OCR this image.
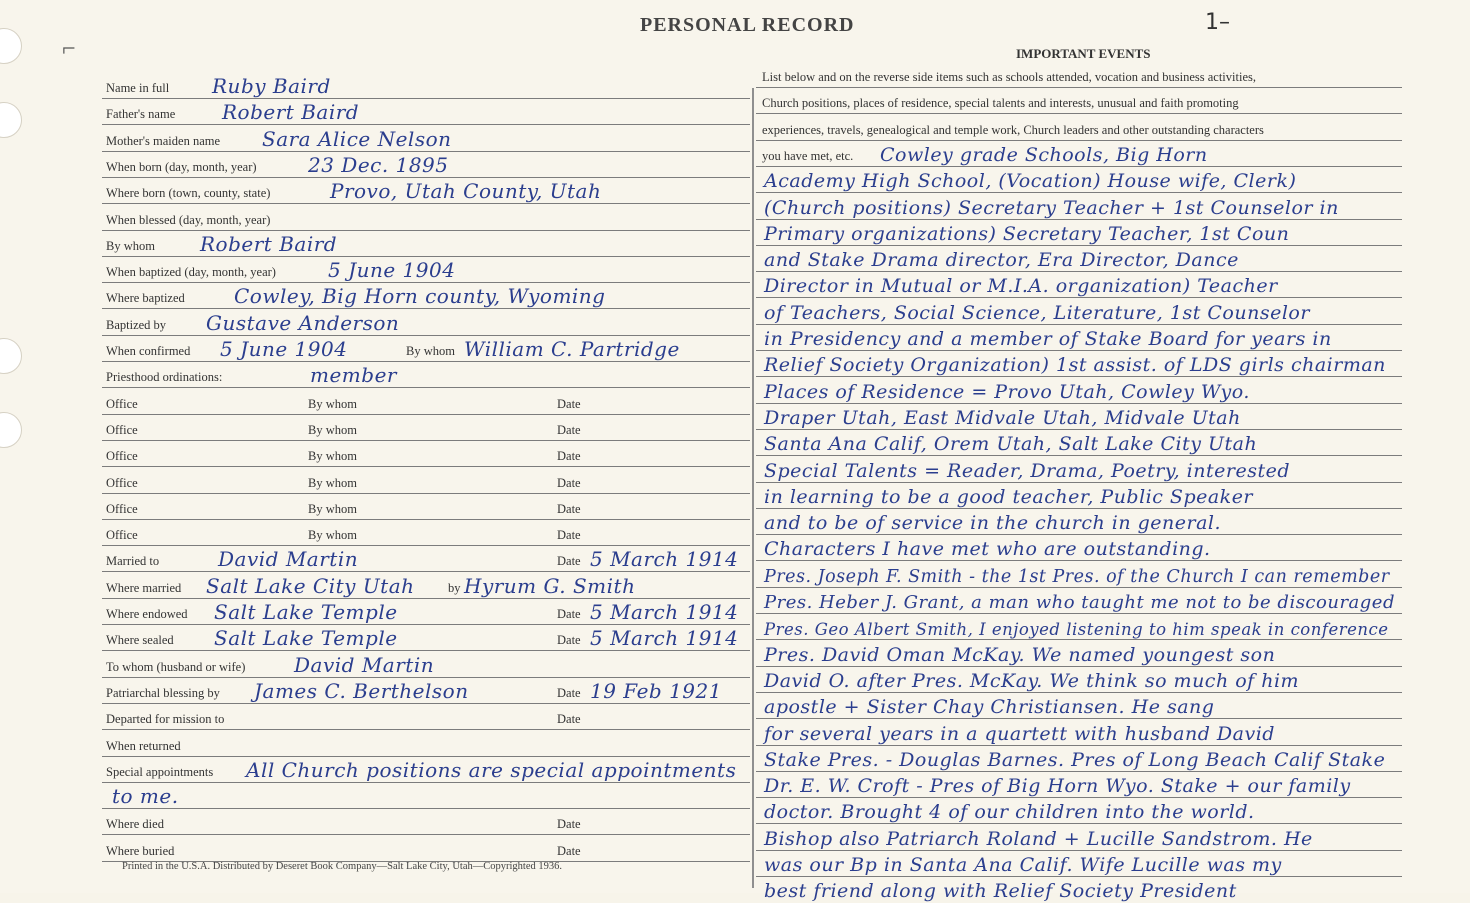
⌐
PERSONAL RECORD	1–
Name in full Ruby Baird
Father's name Robert Baird
Mother's maiden name Sara Alice Nelson
When born (day, month, year)	23 Dec. 1895
Where born (town, county, state)	Provo, Utah County, Utah
When blessed (day, month, year)
By whom Robert Baird
When baptized (day, month, year)	5 June 1904
Where baptized Cowley, Big Horn county, Wyoming
Baptized by Gustave Anderson
When confirmed 5 June 1904	By whom William C. Partridge
Priesthood ordinations:	member
Office	By whom	Date
Office	By whom	Date
Office	By whom	Date
Office	By whom	Date
Office	By whom	Date
Office	By whom	Date
Married to	David Martin	Date 5 March 1914
Where married Salt Lake City Utah	by Hyrum G. Smith
Where endowed Salt Lake Temple	Date 5 March 1914
Where sealed Salt Lake Temple	Date 5 March 1914
To whom (husband or wife) David Martin
Patriarchal blessing by James C. Berthelson	Date 19 Feb 1921
Departed for mission to	Date
When returned
Special appointments All Church positions are special appointments
to me.
Where died	Date
Where buried	Date
IMPORTANT EVENTS
List below and on the reverse side items such as schools attended, vocation and business activities,
Church positions, places of residence, special talents and interests, unusual and faith promoting
experiences, travels, genealogical and temple work, Church leaders and other outstanding characters
you have met, etc. Cowley grade Schools, Big Horn
Academy High School, (Vocation) House wife, Clerk)
(Church positions) Secretary Teacher + 1st Counselor in
Primary organizations) Secretary Teacher, 1st Coun
and Stake Drama director, Era Director, Dance
Director in Mutual or M.I.A. organization) Teacher
of Teachers, Social Science, Literature, 1st Counselor
in Presidency and a member of Stake Board for years in
Relief Society Organization) 1st assist. of LDS girls chairman
Places of Residence = Provo Utah, Cowley Wyo.
Draper Utah, East Midvale Utah, Midvale Utah
Santa Ana Calif, Orem Utah, Salt Lake City Utah
Special Talents = Reader, Drama, Poetry, interested
in learning to be a good teacher, Public Speaker
and to be of service in the church in general.
Characters I have met who are outstanding.
Pres. Joseph F. Smith - the 1st Pres. of the Church I can remember
Pres. Heber J. Grant, a man who taught me not to be discouraged
Pres. Geo Albert Smith, I enjoyed listening to him speak in conference
Pres. David Oman McKay. We named youngest son
David O. after Pres. McKay. We think so much of him
apostle + Sister Chay Christiansen. He sang
for several years in a quartett with husband David
Stake Pres. - Douglas Barnes. Pres of Long Beach Calif Stake
Dr. E. W. Croft - Pres of Big Horn Wyo. Stake + our family
doctor. Brought 4 of our children into the world.
Bishop also Patriarch Roland + Lucille Sandstrom. He
was our Bp in Santa Ana Calif. Wife Lucille was my
best friend along with Relief Society President
Printed in the U.S.A. Distributed by Deseret Book Company—Salt Lake City, Utah—Copyrighted 1936.
